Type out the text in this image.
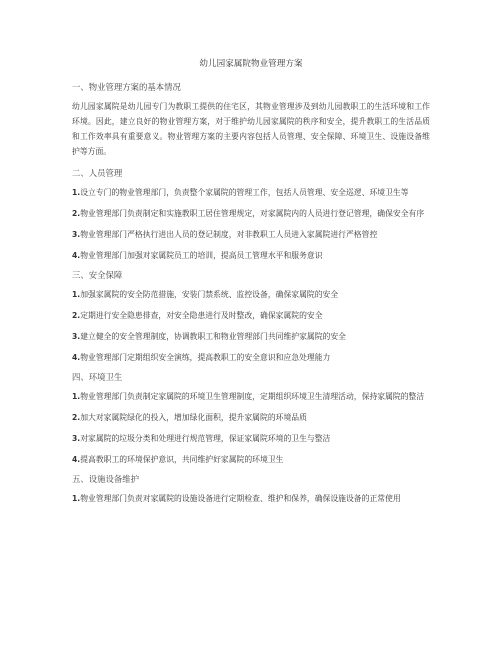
幼儿园家属院物业管理方案
一、物业管理方案的基本情况
幼儿园家属院是幼儿园专门为教职工提供的住宅区，其物业管理涉及到幼儿园教职工的生活环境和工作环境。因此，建立良好的物业管理方案，对于维护幼儿园家属院的秩序和安全，提升教职工的生活品质和工作效率具有重要意义。物业管理方案的主要内容包括人员管理、安全保障、环境卫生、设施设备维护等方面。
二、人员管理
1.设立专门的物业管理部门，负责整个家属院的管理工作，包括人员管理、安全巡逻、环境卫生等
2.物业管理部门负责制定和实施教职工居住管理规定，对家属院内的人员进行登记管理，确保安全有序
3.物业管理部门严格执行进出人员的登记制度，对非教职工人员进入家属院进行严格管控
4.物业管理部门加强对家属院员工的培训，提高员工管理水平和服务意识
三、安全保障
1.加强家属院的安全防范措施，安装门禁系统、监控设备，确保家属院的安全
2.定期进行安全隐患排查，对安全隐患进行及时整改，确保家属院的安全
3.建立健全的安全管理制度，协调教职工和物业管理部门共同维护家属院的安全
4.物业管理部门定期组织安全演练，提高教职工的安全意识和应急处理能力
四、环境卫生
1.物业管理部门负责制定家属院的环境卫生管理制度，定期组织环境卫生清理活动，保持家属院的整洁
2.加大对家属院绿化的投入，增加绿化面积，提升家属院的环境品质
3.对家属院的垃圾分类和处理进行规范管理，保证家属院环境的卫生与整洁
4.提高教职工的环境保护意识，共同维护好家属院的环境卫生
五、设施设备维护
1.物业管理部门负责对家属院的设施设备进行定期检查、维护和保养，确保设施设备的正常使用
